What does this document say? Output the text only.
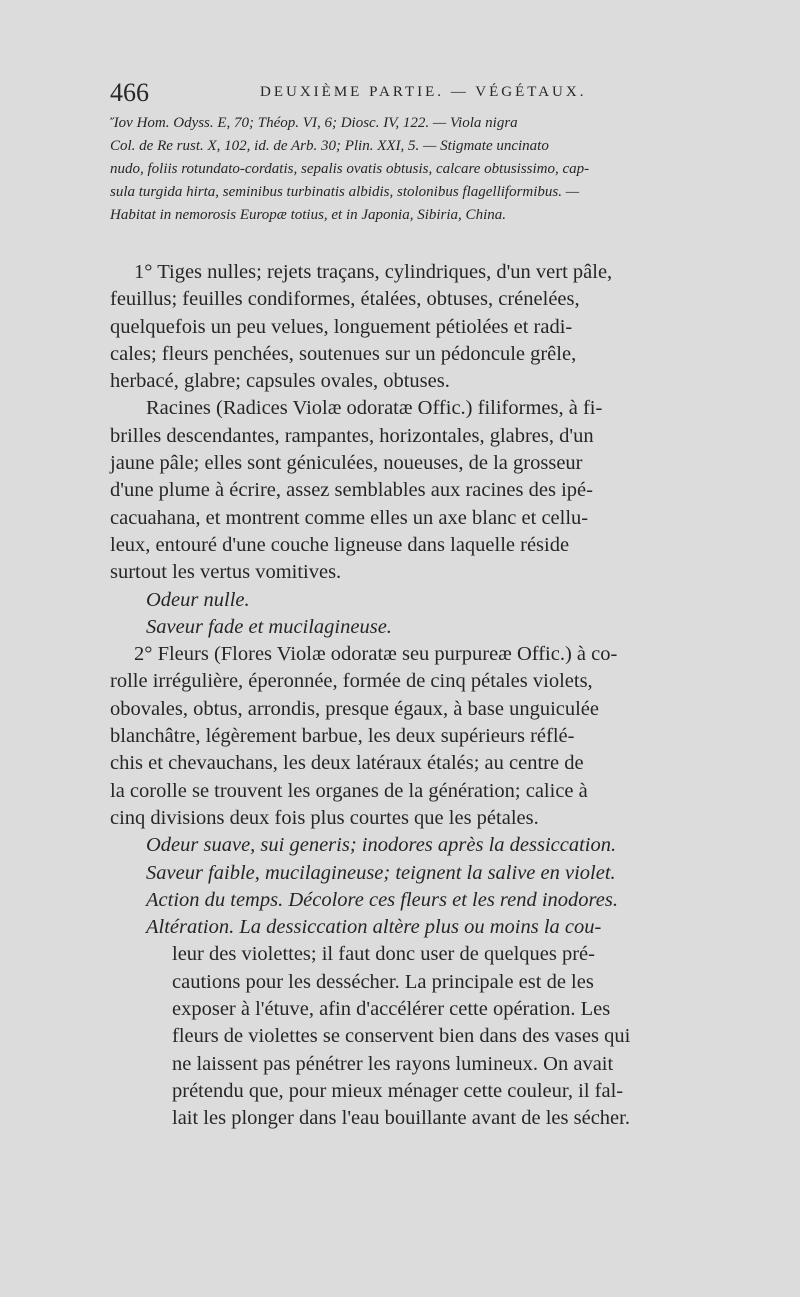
466	DEUXIÈME PARTIE. — VÉGÉTAUX.
Ἴον Hom. Odyss. E, 70; Théop. VI, 6; Diosc. IV, 122. — Viola nigra
Col. de Re rust. X, 102, id. de Arb. 30; Plin. XXI, 5. — Stigmate uncinato
nudo, foliis rotundato-cordatis, sepalis ovatis obtusis, calcare obtusissimo, cap-
sula turgida hirta, seminibus turbinatis albidis, stolonibus flagelliformibus. —
Habitat in nemorosis Europæ totius, et in Japonia, Sibiria, China.
1° Tiges nulles; rejets traçans, cylindriques, d'un vert pâle,
feuillus; feuilles condiformes, étalées, obtuses, crénelées,
quelquefois un peu velues, longuement pétiolées et radi-
cales; fleurs penchées, soutenues sur un pédoncule grêle,
herbacé, glabre; capsules ovales, obtuses.
Racines (Radices Violæ odoratæ Offic.) filiformes, à fi-
brilles descendantes, rampantes, horizontales, glabres, d'un
jaune pâle; elles sont géniculées, noueuses, de la grosseur
d'une plume à écrire, assez semblables aux racines des ipé-
cacuahana, et montrent comme elles un axe blanc et cellu-
leux, entouré d'une couche ligneuse dans laquelle réside
surtout les vertus vomitives.
Odeur nulle.
Saveur fade et mucilagineuse.
2° Fleurs (Flores Violæ odoratæ seu purpureæ Offic.) à co-
rolle irrégulière, éperonnée, formée de cinq pétales violets,
obovales, obtus, arrondis, presque égaux, à base unguiculée
blanchâtre, légèrement barbue, les deux supérieurs réflé-
chis et chevauchans, les deux latéraux étalés; au centre de
la corolle se trouvent les organes de la génération; calice à
cinq divisions deux fois plus courtes que les pétales.
Odeur suave, sui generis; inodores après la dessiccation.
Saveur faible, mucilagineuse; teignent la salive en violet.
Action du temps. Décolore ces fleurs et les rend inodores.
Altération. La dessiccation altère plus ou moins la cou-
leur des violettes; il faut donc user de quelques pré-
cautions pour les dessécher. La principale est de les
exposer à l'étuve, afin d'accélérer cette opération. Les
fleurs de violettes se conservent bien dans des vases qui
ne laissent pas pénétrer les rayons lumineux. On avait
prétendu que, pour mieux ménager cette couleur, il fal-
lait les plonger dans l'eau bouillante avant de les sécher.
